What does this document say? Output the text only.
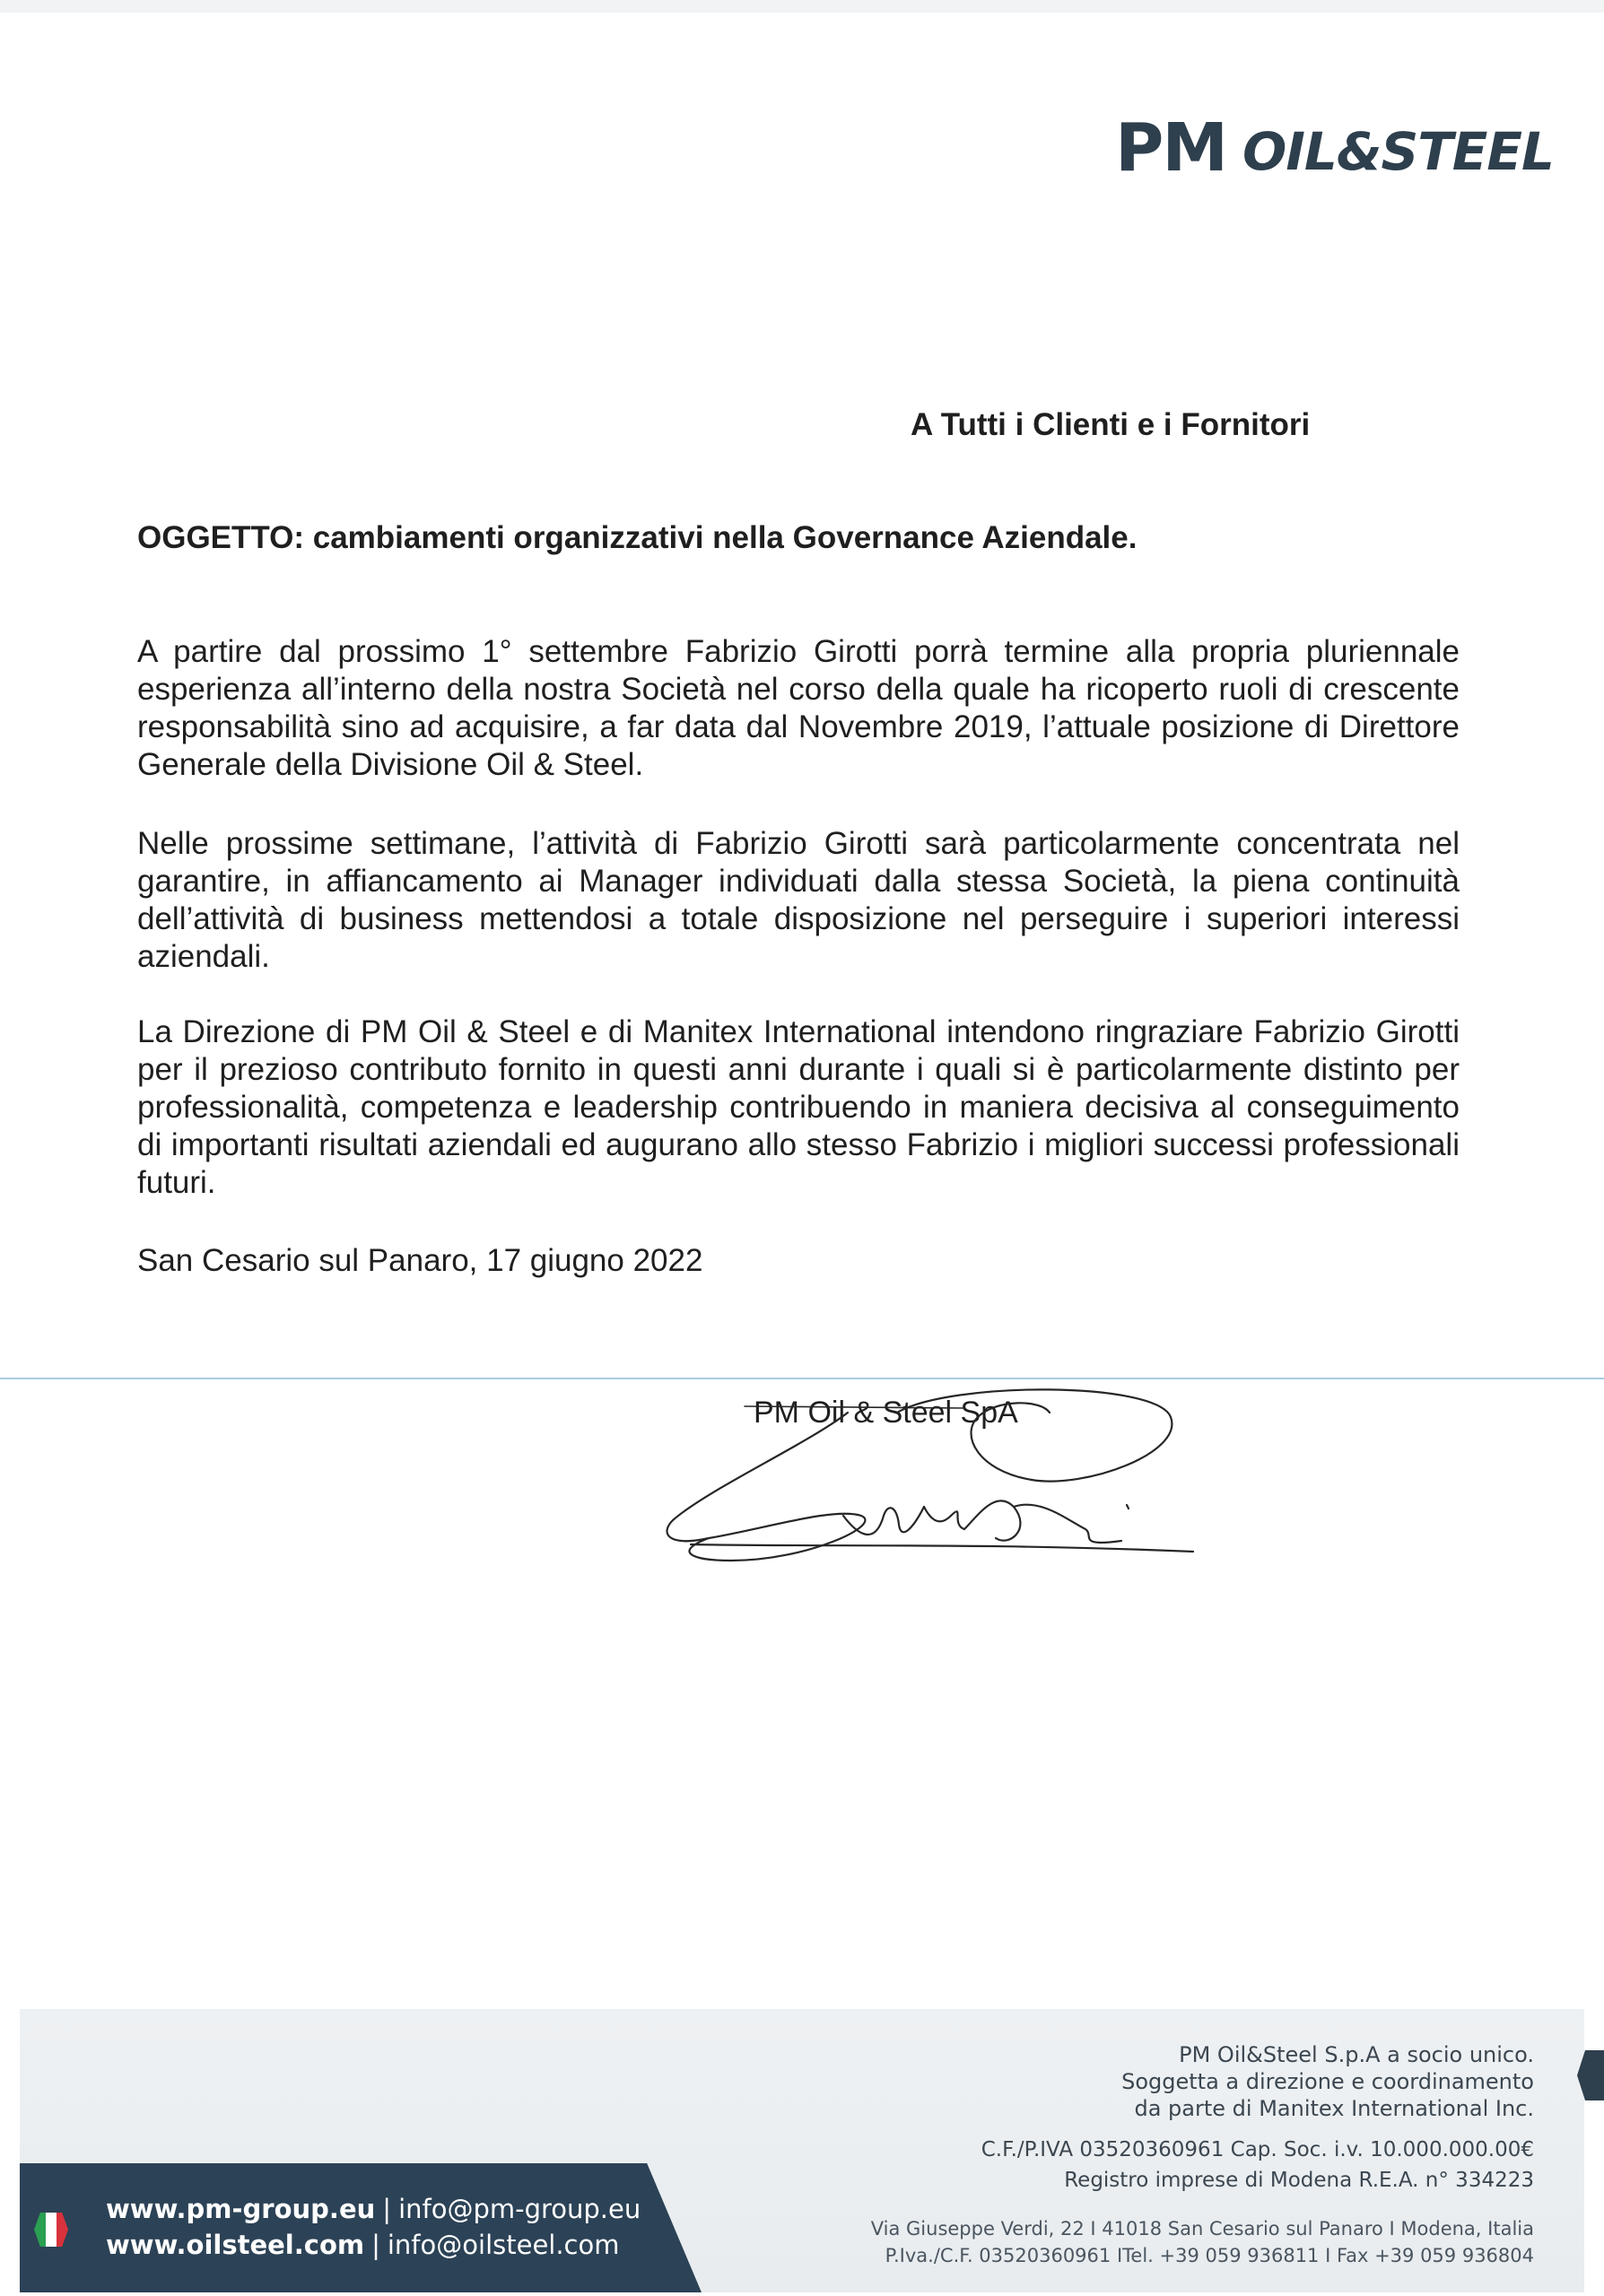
PM OIL&STEEL

A Tutti i Clienti e i Fornitori

OGGETTO: cambiamenti organizzativi nella Governance Aziendale.

A partire dal prossimo 1° settembre Fabrizio Girotti porrà termine alla propria pluriennale esperienza all’interno della nostra Società nel corso della quale ha ricoperto ruoli di crescente responsabilità sino ad acquisire, a far data dal Novembre 2019, l’attuale posizione di Direttore Generale della Divisione Oil & Steel.

Nelle prossime settimane, l’attività di Fabrizio Girotti sarà particolarmente concentrata nel garantire, in affiancamento ai Manager individuati dalla stessa Società, la piena continuità dell’attività di business mettendosi a totale disposizione nel perseguire i superiori interessi aziendali.

La Direzione di PM Oil & Steel e di Manitex International intendono ringraziare Fabrizio Girotti per il prezioso contributo fornito in questi anni durante i quali si è particolarmente distinto per professionalità, competenza e leadership contribuendo in maniera decisiva al conseguimento di importanti risultati aziendali ed augurano allo stesso Fabrizio i migliori successi professionali futuri.

San Cesario sul Panaro, 17 giugno 2022

PM Oil & Steel SpA

www.pm-group.eu | info@pm-group.eu

www.oilsteel.com | info@oilsteel.com

PM Oil&Steel S.p.A a socio unico.
Soggetta a direzione e coordinamento
da parte di Manitex International Inc.
C.F./P.IVA 03520360961 Cap. Soc. i.v. 10.000.000.00€
Registro imprese di Modena R.E.A. n° 334223
Via Giuseppe Verdi, 22 I 41018 San Cesario sul Panaro I Modena, Italia
P.Iva./C.F. 03520360961 ITel. +39 059 936811 I Fax +39 059 936804
